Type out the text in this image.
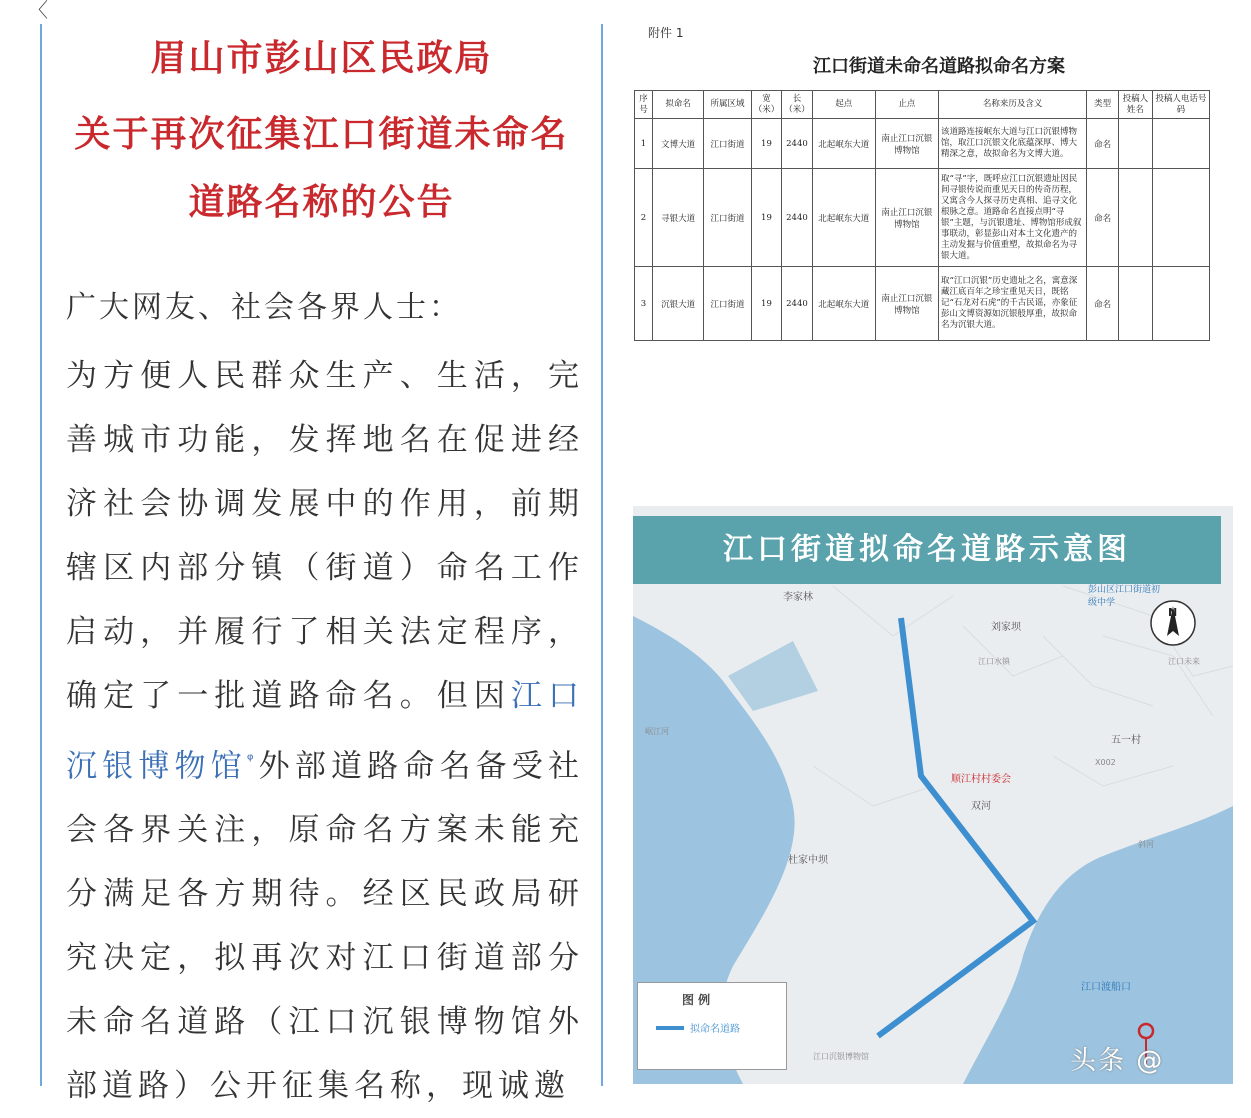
〈
眉山市彭山区民政局
关于再次征集江口街道未命名
道路名称的公告
广大网友、社会各界人士：
为方便人民群众生产、生活，完善城市功能，发挥地名在促进经济社会协调发展中的作用，前期辖区内部分镇（街道）命名工作启动，并履行了相关法定程序，确定了一批道路命名。但因江口沉银博物馆$^ᵠ$外部道路命名备受社会各界关注，原命名方案未能充分满足各方期待。经区民政局研究决定，拟再次对江口街道部分未命名道路（江口沉银博物馆外部道路）公开征集名称，现诚邀
附件 1
江口街道未命名道路拟命名方案
序号	拟命名	所属区域	宽（米）	长（米）	起点	止点	名称来历及含义	类型	投稿人姓名	投稿人电话号码
1	文博大道	江口街道	19	2440	北起岷东大道	南止江口沉银博物馆	该道路连接岷东大道与江口沉银博物馆，取江口沉银文化底蕴深厚、博大精深之意，故拟命名为文博大道。	命名		
2	寻银大道	江口街道	19	2440	北起岷东大道	南止江口沉银博物馆	取“寻”字，既呼应江口沉银遗址因民间寻银传说而重见天日的传奇历程，又寓含今人探寻历史真相、追寻文化根脉之意。道路命名直接点明“寻银”主题，与沉银遗址、博物馆形成叙事联动，彰显彭山对本土文化遗产的主动发掘与价值重塑，故拟命名为寻银大道。	命名		
3	沉银大道	江口街道	19	2440	北起岷东大道	南止江口沉银博物馆	取“江口沉银”历史遗址之名，寓意深藏江底百年之珍宝重见天日，既铭记“石龙对石虎”的千古民谣，亦象征彭山文博资源如沉银般厚重，故拟命名为沉银大道。	命名		
江口街道拟命名道路示意图
李家林
彭山区江口街道初级中学
刘家坝
江口水镇	江口未来
岷江河
五一村
X002
顺江村村委会
双河
杜家中坝
斜河
江口渡船口
江口沉银博物馆
N
图 例
拟命名道路
头条 @
